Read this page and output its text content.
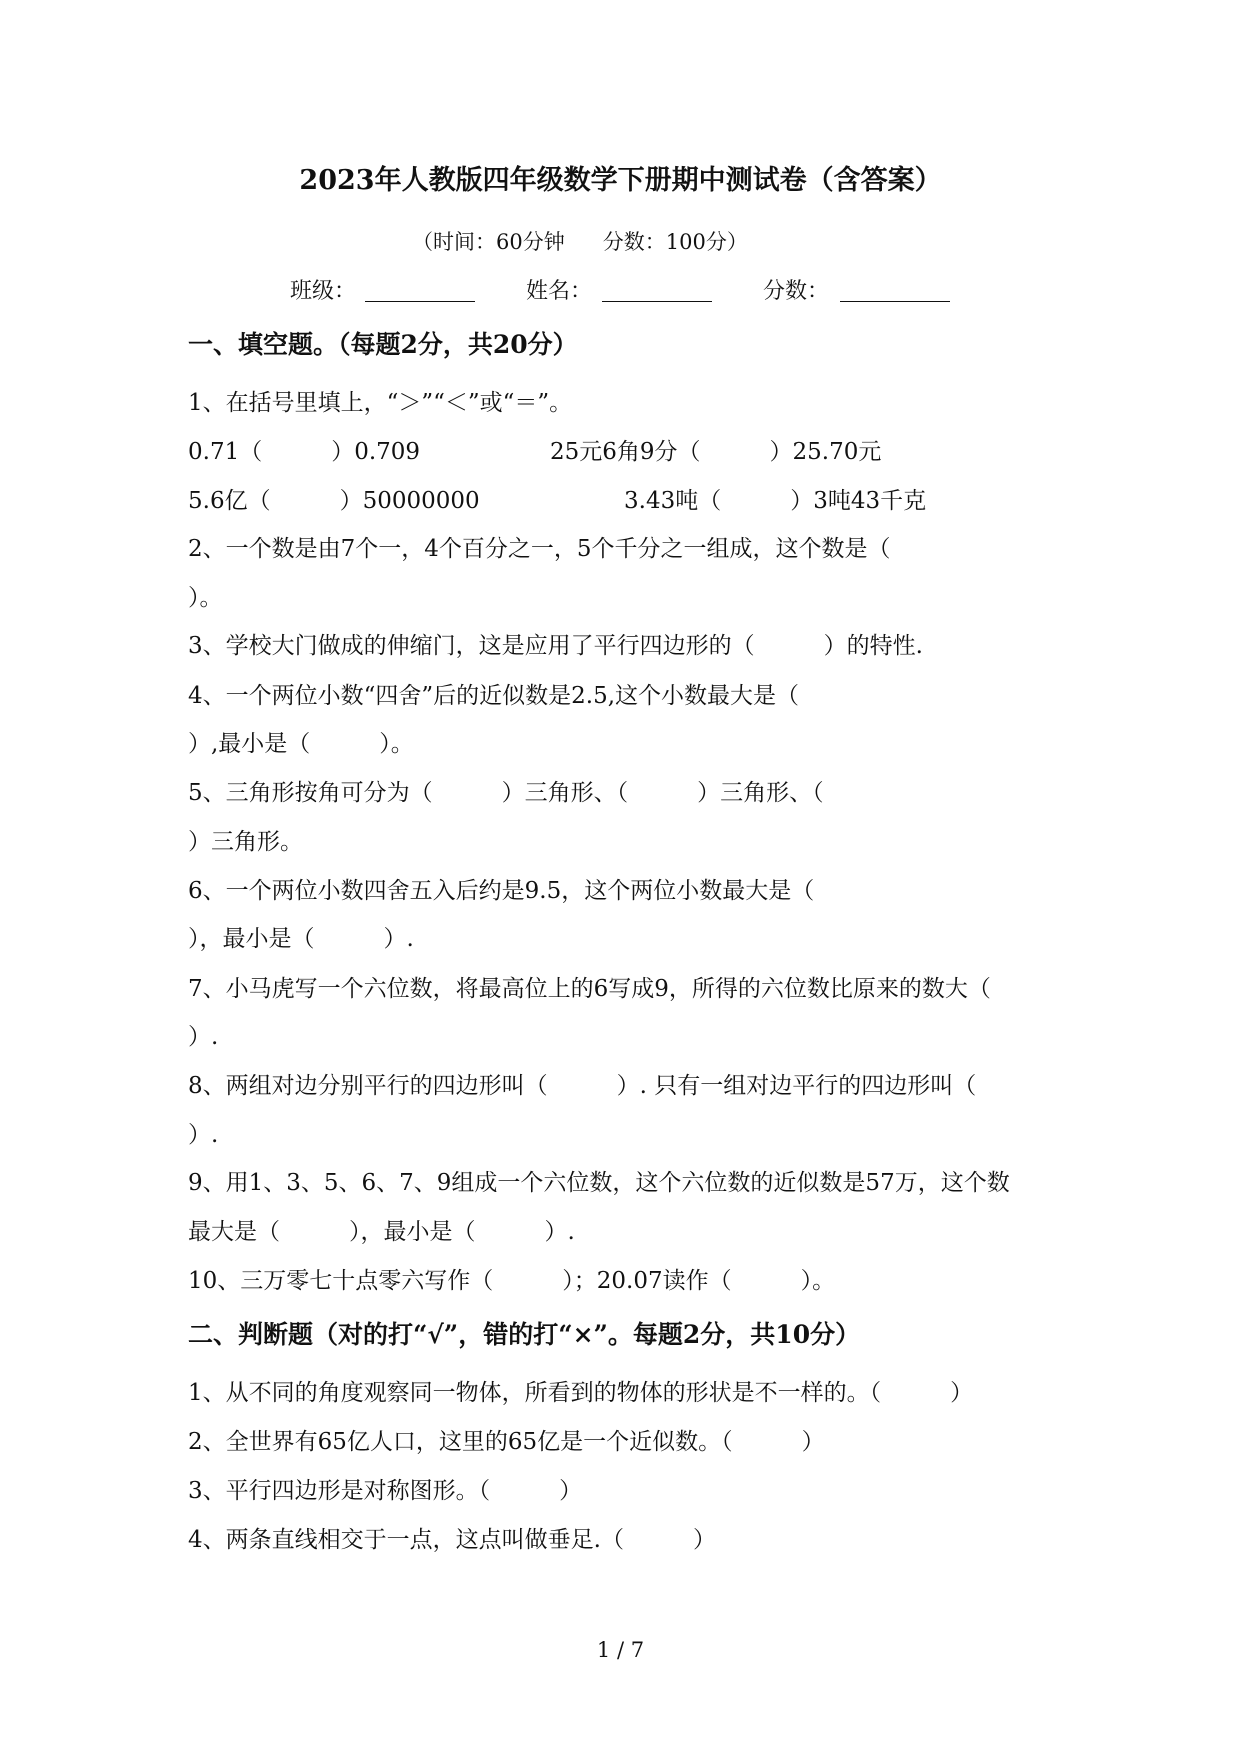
2023年人教版四年级数学下册期中测试卷（含答案）
（时间：60分钟 分数：100分）
班级：	姓名：	分数：
一、填空题。（每题2分，共20分）
1、在括号里填上，“＞”“＜”或“＝”。
0.71（　　　）0.709	25元6角9分（　　　）25.70元
5.6亿（　　　）50000000	3.43吨（　　　）3吨43千克
2、一个数是由7个一，4个百分之一，5个千分之一组成，这个数是（
）。
3、学校大门做成的伸缩门，这是应用了平行四边形的（　　　）的特性.
4、一个两位小数“四舍”后的近似数是2.5,这个小数最大是（
）,最小是（　　　）。
5、三角形按角可分为（　　　）三角形、（　　　）三角形、（
）三角形。
6、一个两位小数四舍五入后约是9.5，这个两位小数最大是（
），最小是（　　　）.
7、小马虎写一个六位数，将最高位上的6写成9，所得的六位数比原来的数大（
）.
8、两组对边分别平行的四边形叫（　　　）. 只有一组对边平行的四边形叫（
）.
9、用1、3、5、6、7、9组成一个六位数，这个六位数的近似数是57万，这个数
最大是（　　　），最小是（　　　）.
10、三万零七十点零六写作（　　　）；20.07读作（　　　）。
二、判断题（对的打“√”，错的打“×”。每题2分，共10分）
1、从不同的角度观察同一物体，所看到的物体的形状是不一样的。（　　　）
2、全世界有65亿人口，这里的65亿是一个近似数。（　　　）
3、平行四边形是对称图形。（　　　）
4、两条直线相交于一点，这点叫做垂足.（　　　）
1 / 7
